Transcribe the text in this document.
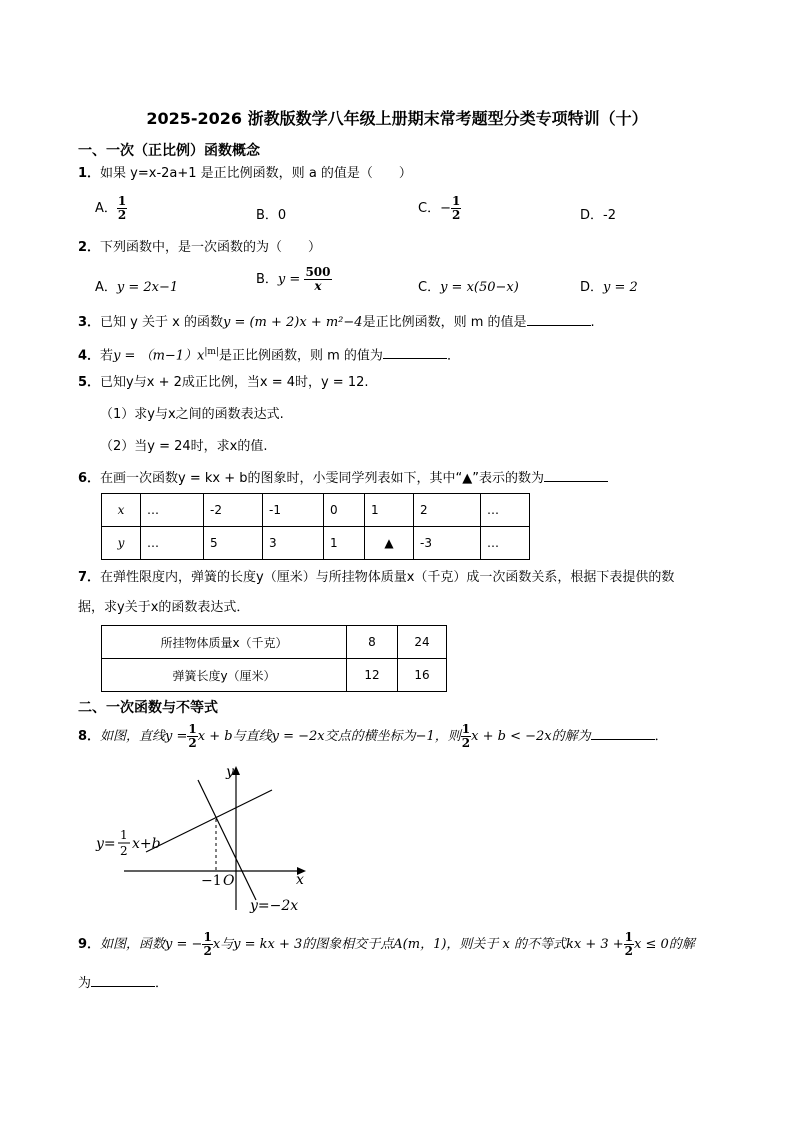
2025-2026 浙教版数学八年级上册期末常考题型分类专项特训（十）
一、一次（正比例）函数概念
1．如果 y=x-2a+1 是正比例函数，则 a 的值是（　　）
A． $\frac{1}{2}$	B．0	C．− $\frac{1}{2}$	D．-2
2．下列函数中，是一次函数的为（　　）
A．y = 2x−1
B．$y = \frac{500}{x}$	C．y = x(50−x)	D．y = 2
3．已知 y 关于 x 的函数y = (m + 2)x + m²−4是正比例函数，则 m 的值是	.
4．若$y = (m-1)x^{|m|}$是正比例函数，则 m 的值为	．
5．已知y与x + 2成正比例，当x = 4时，y = 12.
（1）求y与x之间的函数表达式.
（2）当y = 24时，求x的值.
6．在画一次函数y = kx + b的图象时，小雯同学列表如下，其中“▲”表示的数为
x	…	-2	-1	0	1	2	…
y	…	5	3	1	▲	-3	…
7．在弹性限度内，弹簧的长度y（厘米）与所挂物体质量x（千克）成一次函数关系，根据下表提供的数
据，求y关于x的函数表达式．
所挂物体质量x（千克）	8	24
弹簧长度y（厘米）	12	16
二、一次函数与不等式
8．如图，直线$y = \frac{1}{2}$ x + b与直线y = −2x交点的横坐标为−1，则 $\frac{1}{2}$ x + b < −2x的解为	．
y
x
O
−1
y=
1
2 x+b
y=−2x
9．如图，函数y = − $\frac{1}{2}$ x与y = kx + 3的图象相交于点A(m，1)，则关于 x 的不等式kx + $3 + \frac{1}{2}$ x ≤ 0的解
为	．
